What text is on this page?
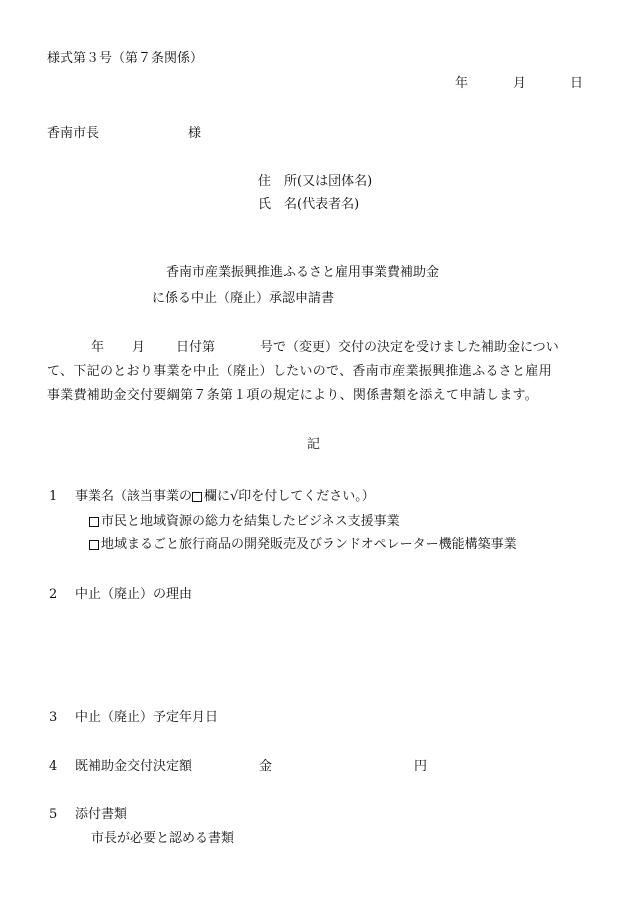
様式第３号（第７条関係）
年	月	日
香南市長	様
住　所(又は団体名)
氏　名(代表者名)
香南市産業振興推進ふるさと雇用事業費補助金
に係る中止（廃止）承認申請書
年 月 日付第	号で（変更）交付の決定を受けました補助金につい
て、下記のとおり事業を中止（廃止）したいので、香南市産業振興推進ふるさと雇用
事業費補助金交付要綱第７条第１項の規定により、関係書類を添えて申請します。
記
1 事業名（該当事業の 欄に√印を付してください。）
市民と地域資源の総力を結集したビジネス支援事業
地域まるごと旅行商品の開発販売及びランドオペレーター機能構築事業
2 中止（廃止）の理由
3 中止（廃止）予定年月日
4 既補助金交付決定額	金	円
5 添付書類
市長が必要と認める書類
